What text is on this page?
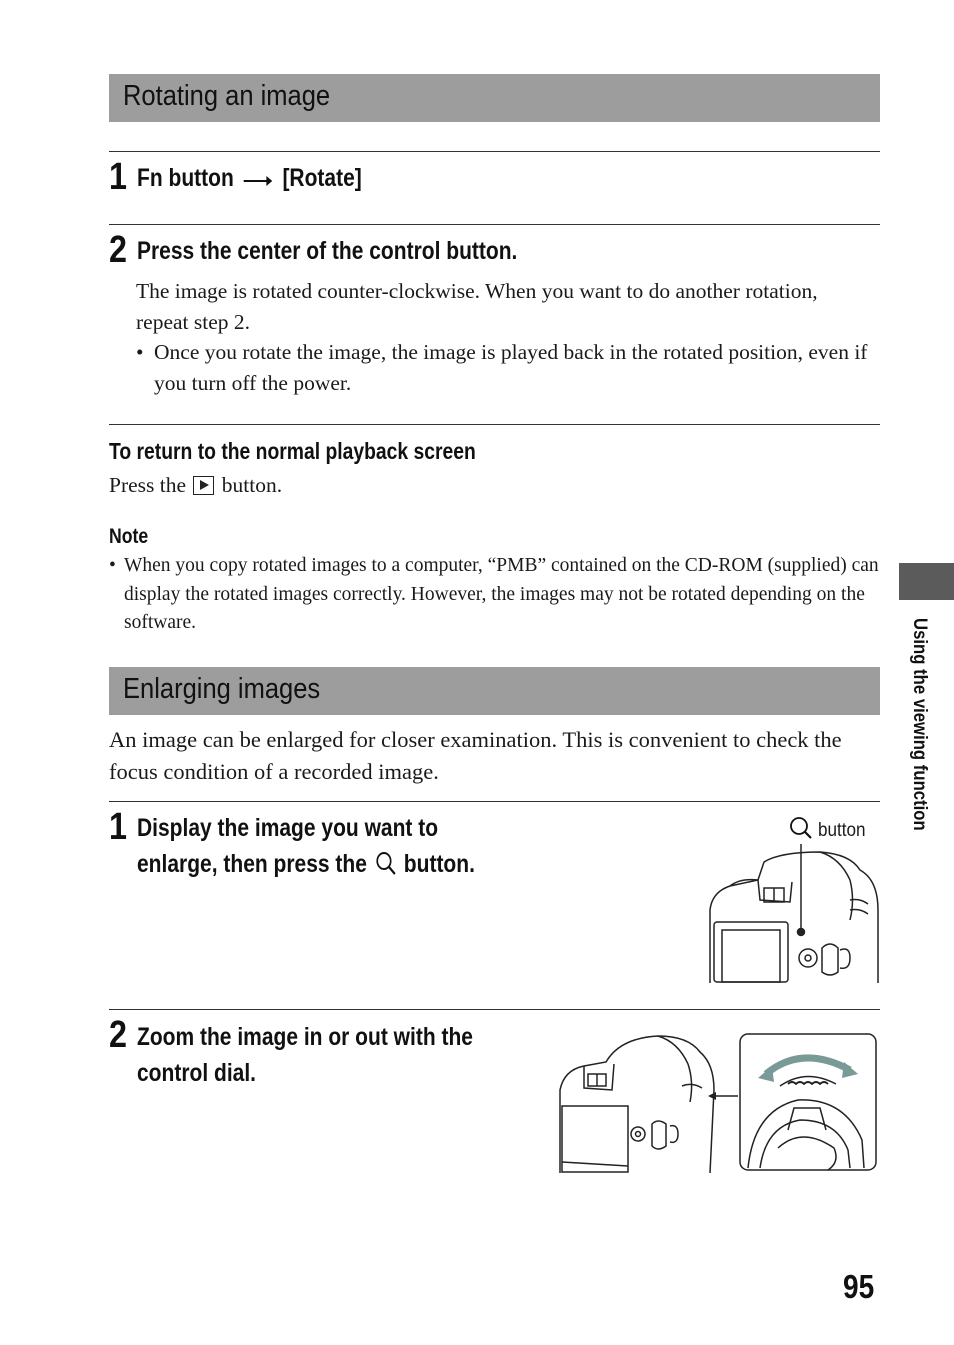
Rotating an image
1 Fn button [Rotate]
2 Press the center of the control button.
The image is rotated counter-clockwise. When you want to do another rotation, repeat step 2.
• Once you rotate the image, the image is played back in the rotated position, even if you turn off the power.
To return to the normal playback screen
Press the button.
Note
• When you copy rotated images to a computer, “PMB” contained on the CD-ROM (supplied) can display the rotated images correctly. However, the images may not be rotated depending on the software.
Enlarging images
An image can be enlarged for closer examination. This is convenient to check the focus condition of a recorded image.
1 Display the image you want to
enlarge, then press the button.
button
2 Zoom the image in or out with the
control dial.
Using the viewing function
95
